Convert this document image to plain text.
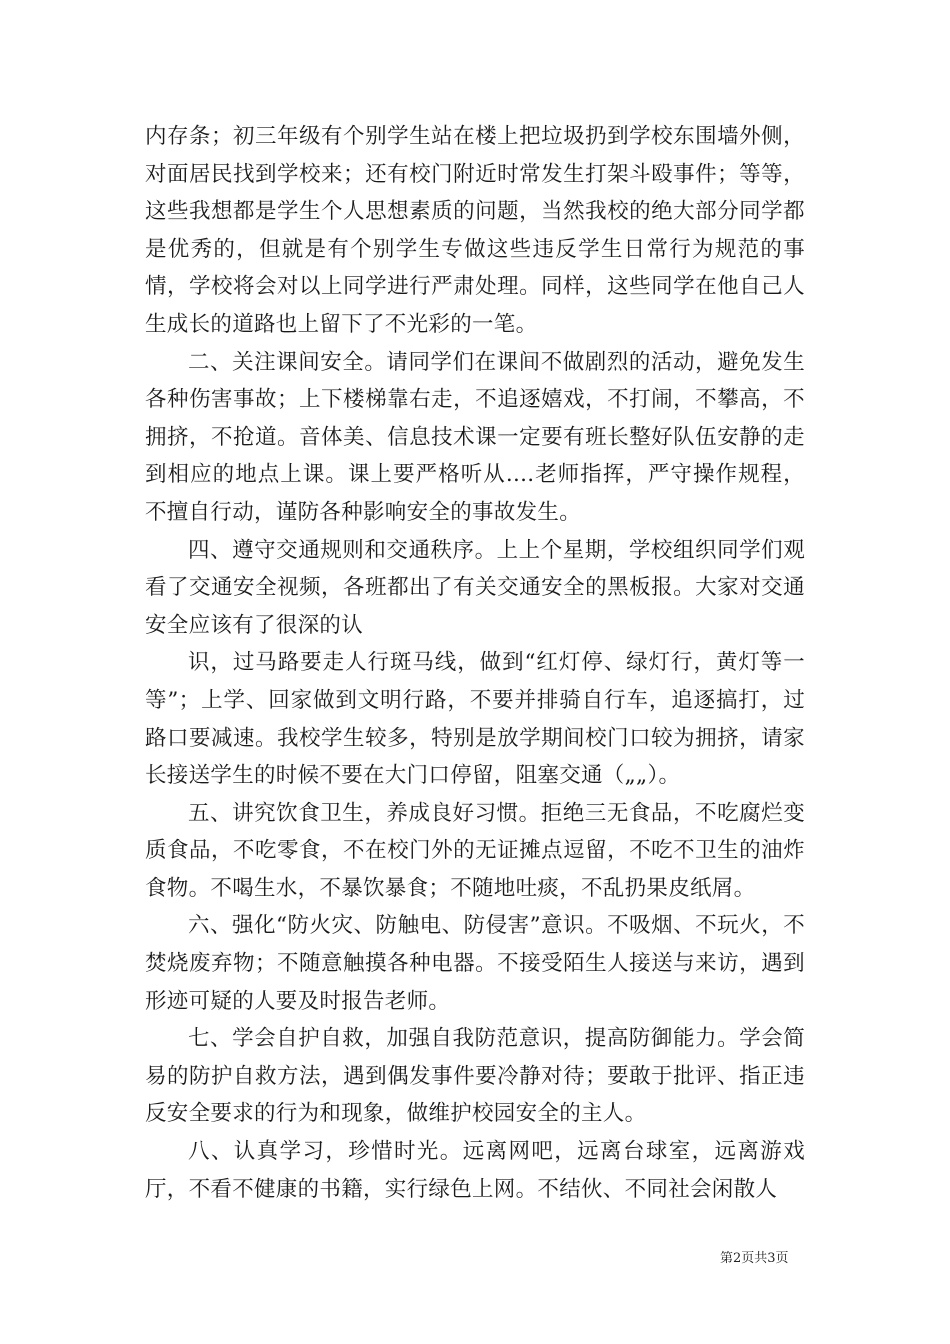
内存条；初三年级有个别学生站在楼上把垃圾扔到学校东围墙外侧，对面居民找到学校来；还有校门附近时常发生打架斗殴事件；等等，这些我想都是学生个人思想素质的问题，当然我校的绝大部分同学都是优秀的，但就是有个别学生专做这些违反学生日常行为规范的事情，学校将会对以上同学进行严肃处理。同样，这些同学在他自己人生成长的道路也上留下了不光彩的一笔。

二、关注课间安全。请同学们在课间不做剧烈的活动，避免发生各种伤害事故；上下楼梯靠右走，不追逐嬉戏，不打闹，不攀高，不拥挤，不抢道。音体美、信息技术课一定要有班长整好队伍安静的走到相应的地点上课。课上要严格听从....老师指挥，严守操作规程，不擅自行动，谨防各种影响安全的事故发生。

四、遵守交通规则和交通秩序。上上个星期，学校组织同学们观看了交通安全视频，各班都出了有关交通安全的黑板报。大家对交通安全应该有了很深的认

识，过马路要走人行斑马线，做到“红灯停、绿灯行，黄灯等一等”；上学、回家做到文明行路，不要并排骑自行车，追逐搞打，过路口要减速。我校学生较多，特别是放学期间校门口较为拥挤，请家长接送学生的时候不要在大门口停留，阻塞交通（„„）。

五、讲究饮食卫生，养成良好习惯。拒绝三无食品，不吃腐烂变质食品，不吃零食，不在校门外的无证摊点逗留，不吃不卫生的油炸食物。不喝生水，不暴饮暴食；不随地吐痰，不乱扔果皮纸屑。

六、强化“防火灾、防触电、防侵害”意识。不吸烟、不玩火，不焚烧废弃物；不随意触摸各种电器。不接受陌生人接送与来访，遇到形迹可疑的人要及时报告老师。

七、学会自护自救，加强自我防范意识，提高防御能力。学会简易的防护自救方法，遇到偶发事件要冷静对待；要敢于批评、指正违反安全要求的行为和现象，做维护校园安全的主人。

八、认真学习，珍惜时光。远离网吧，远离台球室，远离游戏厅，不看不健康的书籍，实行绿色上网。不结伙、不同社会闲散人

第2页共3页
